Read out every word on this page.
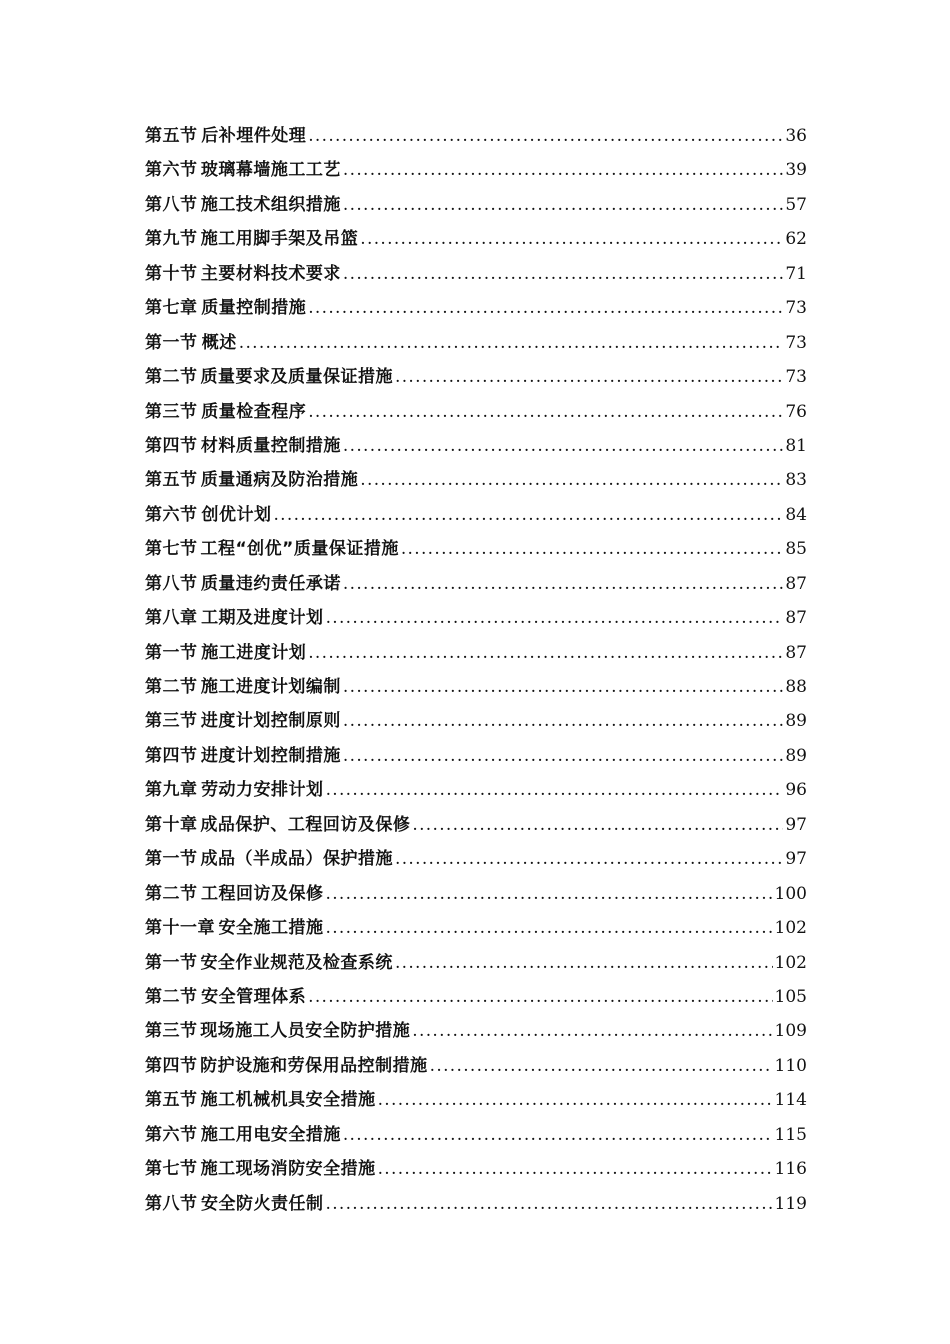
第五节 后补埋件处理 .....	36
第六节 玻璃幕墙施工工艺 .....	39
第八节 施工技术组织措施 .....	57
第九节 施工用脚手架及吊篮 .....	62
第十节 主要材料技术要求 .....	71
第七章 质量控制措施 .....	73
第一节 概述 .....	73
第二节 质量要求及质量保证措施 .....	73
第三节 质量检查程序 .....	76
第四节 材料质量控制措施 .....	81
第五节 质量通病及防治措施 .....	83
第六节 创优计划 .....	84
第七节 工程“创优”质量保证措施 .....	85
第八节 质量违约责任承诺 .....	87
第八章 工期及进度计划 .....	87
第一节 施工进度计划 .....	87
第二节 施工进度计划编制 .....	88
第三节 进度计划控制原则 .....	89
第四节 进度计划控制措施 .....	89
第九章 劳动力安排计划 .....	96
第十章 成品保护、工程回访及保修 .....	97
第一节 成品（半成品）保护措施 .....	97
第二节 工程回访及保修 .....	100
第十一章 安全施工措施 .....	102
第一节 安全作业规范及检查系统 .....	102
第二节 安全管理体系 .....	105
第三节 现场施工人员安全防护措施 .....	109
第四节 防护设施和劳保用品控制措施 .....	110
第五节 施工机械机具安全措施 .....	114
第六节 施工用电安全措施 .....	115
第七节 施工现场消防安全措施 .....	116
第八节 安全防火责任制 .....	119
